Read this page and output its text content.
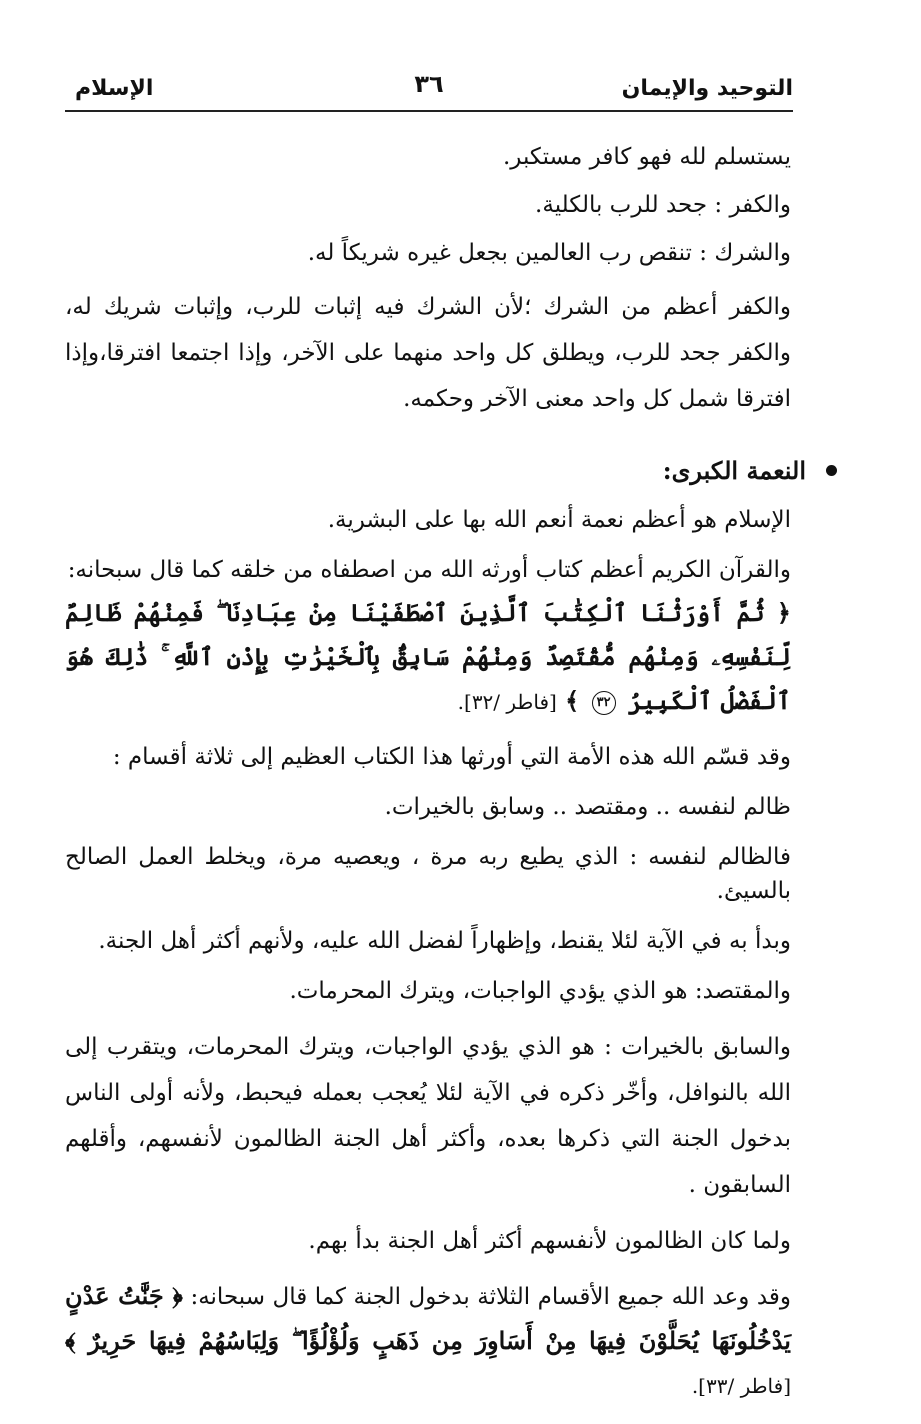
التوحيد والإيمان
٣٦
الإسلام

يستسلم لله فهو كافر مستكبر.

والكفر : جحد للرب بالكلية.

والشرك : تنقص رب العالمين بجعل غيره شريكاً له.

والكفر أعظم من الشرك ؛لأن الشرك فيه إثبات للرب، وإثبات شريك له، والكفر جحد للرب، ويطلق كل واحد منهما على الآخر، وإذا اجتمعا افترقا،وإذا افترقا شمل كل واحد معنى الآخر وحكمه.

النعمة الكبرى:

الإسلام هو أعظم نعمة أنعم الله بها على البشرية.

والقرآن الكريم أعظم كتاب أورثه الله من اصطفاه من خلقه كما قال سبحانه:

﴿ ثُمَّ أَوْرَثْنَا ٱلْكِتَٰبَ ٱلَّذِينَ ٱصْطَفَيْنَا مِنْ عِبَادِنَا ۖ فَمِنْهُمْ ظَالِمٌ لِّنَفْسِهِۦ وَمِنْهُم مُّقْتَصِدٌ وَمِنْهُمْ سَابِقٌۢ بِٱلْخَيْرَٰتِ بِإِذْنِ ٱللَّهِ ۚ ذَٰلِكَ هُوَ ٱلْفَضْلُ ٱلْكَبِيرُ ٣٢ ﴾ [فاطر /٣٢].

وقد قسّم الله هذه الأمة التي أورثها هذا الكتاب العظيم إلى ثلاثة أقسام :

ظالم لنفسه .. ومقتصد .. وسابق بالخيرات.

فالظالم لنفسه : الذي يطيع ربه مرة ، ويعصيه مرة، ويخلط العمل الصالح بالسيئ.

وبدأ به في الآية لئلا يقنط، وإظهاراً لفضل الله عليه، ولأنهم أكثر أهل الجنة.

والمقتصد: هو الذي يؤدي الواجبات، ويترك المحرمات.

والسابق بالخيرات : هو الذي يؤدي الواجبات، ويترك المحرمات، ويتقرب إلى الله بالنوافل، وأخّر ذكره في الآية لئلا يُعجب بعمله فيحبط، ولأنه أولى الناس بدخول الجنة التي ذكرها بعده، وأكثر أهل الجنة الظالمون لأنفسهم، وأقلهم السابقون .

ولما كان الظالمون لأنفسهم أكثر أهل الجنة بدأ بهم.

وقد وعد الله جميع الأقسام الثلاثة بدخول الجنة كما قال سبحانه: ﴿ جَنَّٰتُ عَدْنٍ يَدْخُلُونَهَا يُحَلَّوْنَ فِيهَا مِنْ أَسَاوِرَ مِن ذَهَبٍ وَلُؤْلُؤًا ۖ وَلِبَاسُهُمْ فِيهَا حَرِيرٌ ﴾ [فاطر /٣٣].
